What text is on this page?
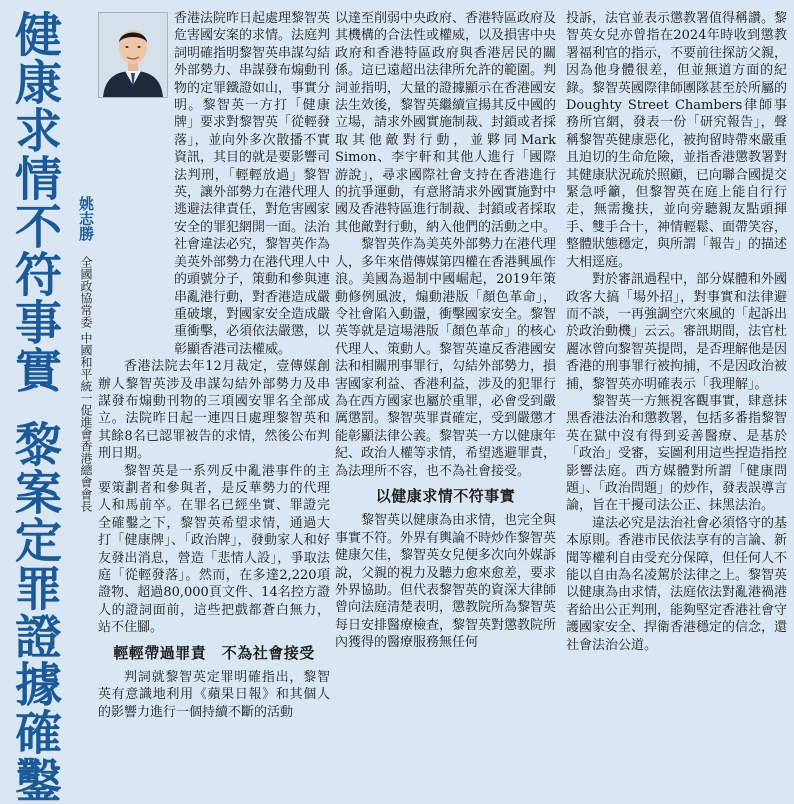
健康求情不符事實黎案定罪證據確鑿
姚志勝 全國政協常委 中國和平統一促進會香港總會會長

香港法院昨日起處理黎智英危害國安案的求情。法庭判詞明確指明黎智英串謀勾結外部勢力、串謀發布煽動刊物的定罪鐵證如山，事實分明。黎智英一方打「健康牌」要求對黎智英「從輕發落」，並向外多次散播不實資訊，其目的就是要影響司法判刑，「輕輕放過」黎智英，讓外部勢力在港代理人逃避法律責任，對危害國家安全的罪犯網開一面。法治社會違法必究，黎智英作為美英外部勢力在港代理人中的頭號分子，策動和參與連串亂港行動，對香港造成嚴重破壞，對國家安全造成嚴重衝擊，必須依法嚴懲，以彰顯香港司法權威。

香港法院去年12月裁定，壹傳媒創辦人黎智英涉及串謀勾結外部勢力及串謀發布煽動刊物的三項國安罪名全部成立。法院昨日起一連四日處理黎智英和其餘8名已認罪被告的求情，然後公布判刑日期。

黎智英是一系列反中亂港事件的主要策劃者和參與者，是反華勢力的代理人和馬前卒。在罪名已經坐實、罪證完全確鑿之下，黎智英希望求情，通過大打「健康牌」、「政治牌」，發動家人和好友發出消息，營造「悲情人設」，爭取法庭「從輕發落」。然而，在多達2,220項證物、超過80,000頁文件、14名控方證人的證詞面前，這些把戲都蒼白無力，站不住腳。

輕輕帶過罪責　不為社會接受

判詞就黎智英定罪明確指出，黎智英有意識地利用《蘋果日報》和其個人的影響力進行一個持續不斷的活動

以達至削弱中央政府、香港特區政府及其機構的合法性或權威，以及損害中央政府和香港特區政府與香港居民的關係。這已遠超出法律所允許的範圍。判詞並指明，大量的證據顯示在香港國安法生效後，黎智英繼續宣揚其反中國的立場，請求外國實施制裁、封鎖或者採取其他敵對行動，並夥同Mark Simon、李宇軒和其他人進行「國際游說」，尋求國際社會支持在香港進行的抗爭運動，有意將請求外國實施對中國及香港特區進行制裁、封鎖或者採取其他敵對行動，納入他們的活動之中。

黎智英作為美英外部勢力在港代理人，多年來借傳媒第四權在香港興風作浪。美國為遏制中國崛起，2019年策動修例風波，煽動港版「顏色革命」，令社會陷入動盪，衝擊國家安全。黎智英等就是這場港版「顏色革命」的核心代理人、策動人。黎智英違反香港國安法和相關刑事罪行，勾結外部勢力，損害國家利益、香港利益，涉及的犯罪行為在西方國家也屬於重罪，必會受到嚴厲懲罰。黎智英罪責確定，受到嚴懲才能彰顯法律公義。黎智英一方以健康年紀、政治人權等求情，希望逃避罪責，為法理所不容，也不為社會接受。

以健康求情不符事實

黎智英以健康為由求情，也完全與事實不符。外界有輿論不時炒作黎智英健康欠佳，黎智英女兒便多次向外媒訴說，父親的視力及聽力愈來愈差，要求外界協助。但代表黎智英的資深大律師曾向法庭清楚表明，懲教院所為黎智英每日安排醫療檢查，黎智英對懲教院所內獲得的醫療服務無任何

投訴，法官並表示懲教署值得稱讚。黎智英女兒亦曾指在2024年時收到懲教署福利官的指示，不要前往探訪父親，因為他身體很差，但並無道方面的紀錄。黎智英國際律師團隊甚至於所屬的Doughty Street Chambers律師事務所官網，發表一份「研究報告」，聲稱黎智英健康惡化，被拘留時帶來嚴重且迫切的生命危險，並指香港懲教署對其健康狀況疏於照顧，已向聯合國提交緊急呼籲，但黎智英在庭上能自行行走，無需攙扶，並向旁聽親友點頭揮手、雙手合十，神情輕鬆、面帶笑容，整體狀態穩定，與所謂「報告」的描述大相逕庭。

對於審訊過程中，部分媒體和外國政客大搞「場外招」，對事實和法律避而不談，一再強調空穴來風的「起訴出於政治動機」云云。審訊期間，法官杜麗冰曾向黎智英提問，是否理解他是因香港的刑事罪行被拘捕，不是因政治被捕，黎智英亦明確表示「我理解」。

黎智英一方無視客觀事實，肆意抹黑香港法治和懲教署，包括多番指黎智英在獄中沒有得到妥善醫療、是基於「政治」受審，妄圖利用這些捏造指控影響法庭。西方媒體對所謂「健康問題」、「政治問題」的炒作，發表誤導言論，旨在干擾司法公正、抹黑法治。

違法必究是法治社會必須恪守的基本原則。香港市民依法享有的言論、新聞等權利自由受充分保障，但任何人不能以自由為名凌駕於法律之上。黎智英以健康為由求情，法庭依法對亂港禍港者給出公正判刑，能夠堅定香港社會守護國家安全、捍衛香港穩定的信念，還社會法治公道。
